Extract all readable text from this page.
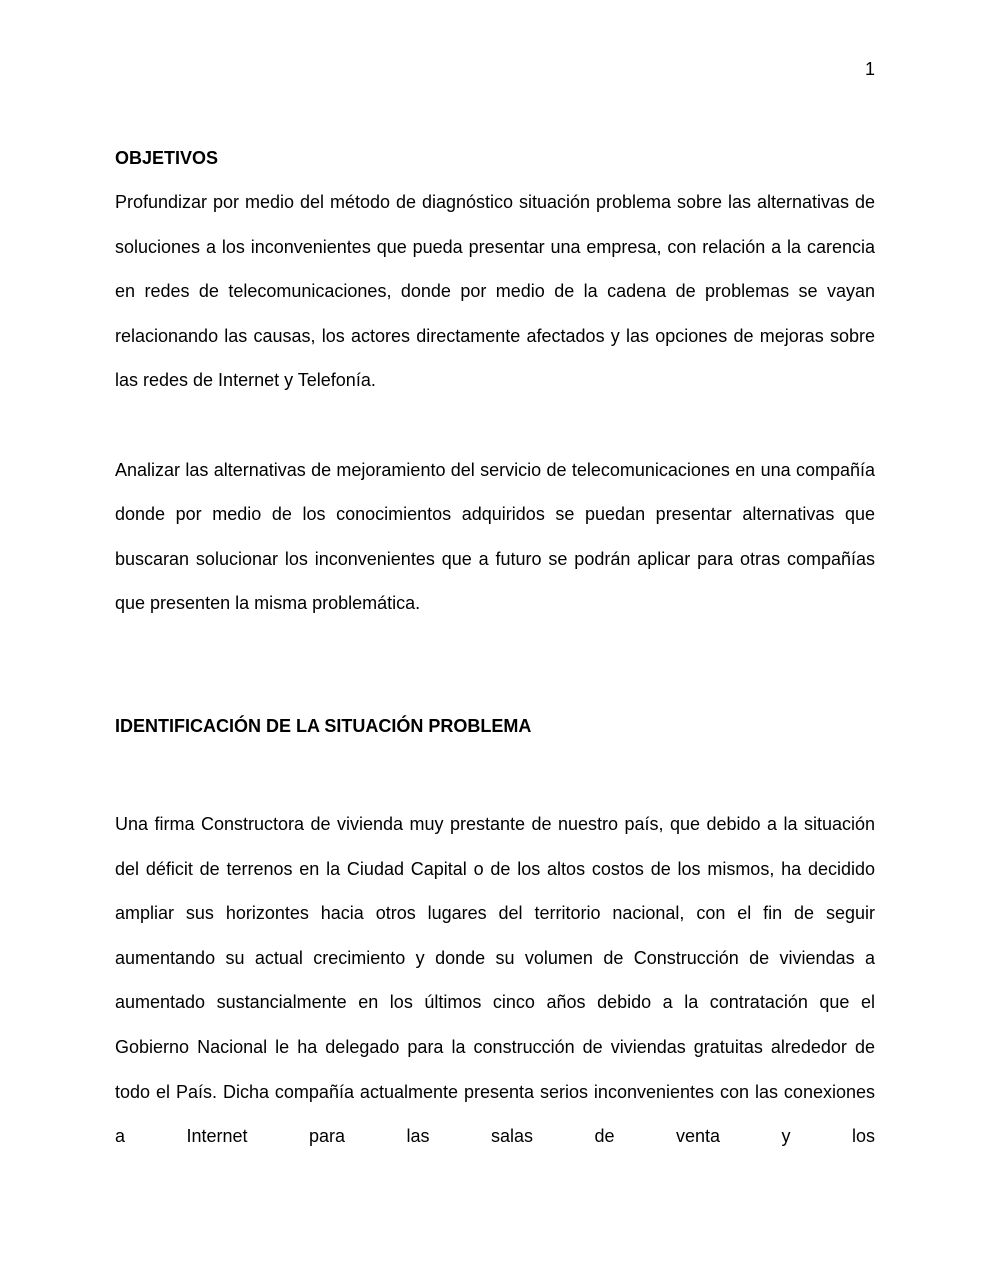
1

OBJETIVOS

Profundizar por medio del método de diagnóstico situación problema sobre las alternativas de soluciones a los inconvenientes que pueda presentar una empresa, con relación a la carencia en redes de telecomunicaciones, donde por medio de la cadena de problemas se vayan relacionando las causas, los actores directamente afectados y las opciones de mejoras sobre las redes de Internet y Telefonía.

Analizar las alternativas de mejoramiento del servicio de telecomunicaciones en una compañía donde por medio de los conocimientos adquiridos se puedan presentar alternativas que buscaran solucionar los inconvenientes que a futuro se podrán aplicar para otras compañías que presenten la misma problemática.

IDENTIFICACIÓN DE LA SITUACIÓN PROBLEMA

Una firma Constructora de vivienda muy prestante de nuestro país, que debido a la situación del déficit de terrenos en la Ciudad Capital o de los altos costos de los mismos, ha decidido ampliar sus horizontes hacia otros lugares del territorio nacional, con el fin de seguir aumentando su actual crecimiento y donde su volumen de Construcción de viviendas a aumentado sustancialmente en los últimos cinco años debido a la contratación que el Gobierno Nacional le ha delegado para la construcción de viviendas gratuitas alrededor de todo el País. Dicha compañía actualmente presenta serios inconvenientes con las conexiones a Internet para las salas de venta y los
